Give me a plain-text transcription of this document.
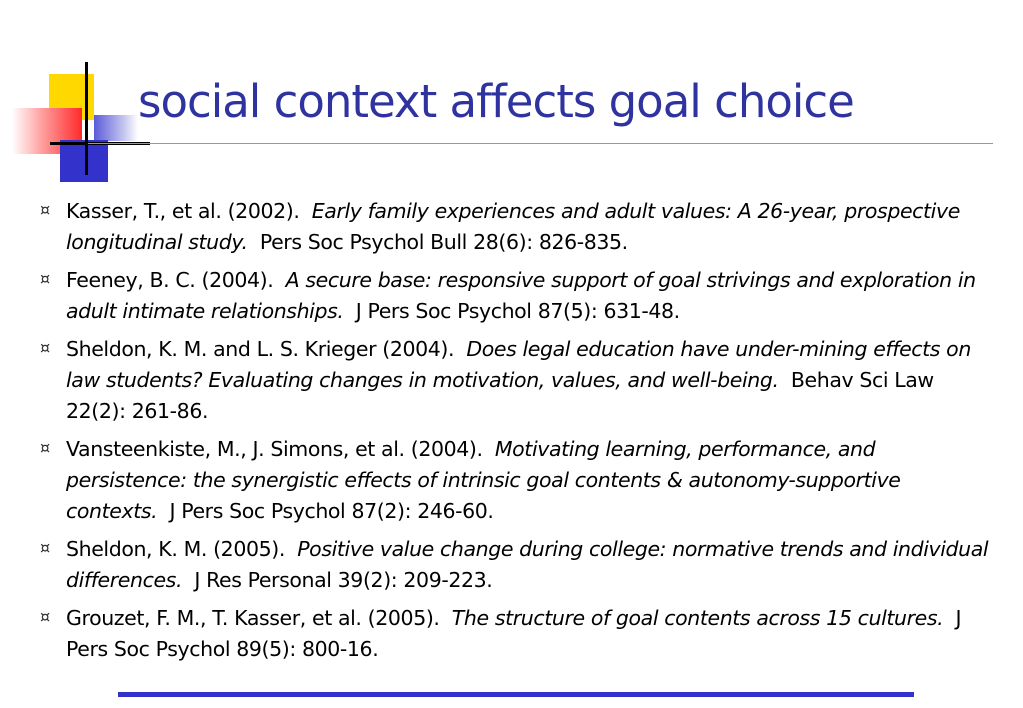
social context affects goal choice
¤ Kasser, T., et al. (2002). Early family experiences and adult values: A 26-year, prospective longitudinal study. Pers Soc Psychol Bull 28(6): 826-835.
¤ Feeney, B. C. (2004). A secure base: responsive support of goal strivings and exploration in adult intimate relationships. J Pers Soc Psychol 87(5): 631-48.
¤ Sheldon, K. M. and L. S. Krieger (2004). Does legal education have under-mining effects on law students? Evaluating changes in motivation, values, and well-being. Behav Sci Law 22(2): 261-86.
¤ Vansteenkiste, M., J. Simons, et al. (2004). Motivating learning, performance, and persistence: the synergistic effects of intrinsic goal contents & autonomy-supportive contexts. J Pers Soc Psychol 87(2): 246-60.
¤ Sheldon, K. M. (2005). Positive value change during college: normative trends and individual differences. J Res Personal 39(2): 209-223.
¤ Grouzet, F. M., T. Kasser, et al. (2005). The structure of goal contents across 15 cultures. J Pers Soc Psychol 89(5): 800-16.
